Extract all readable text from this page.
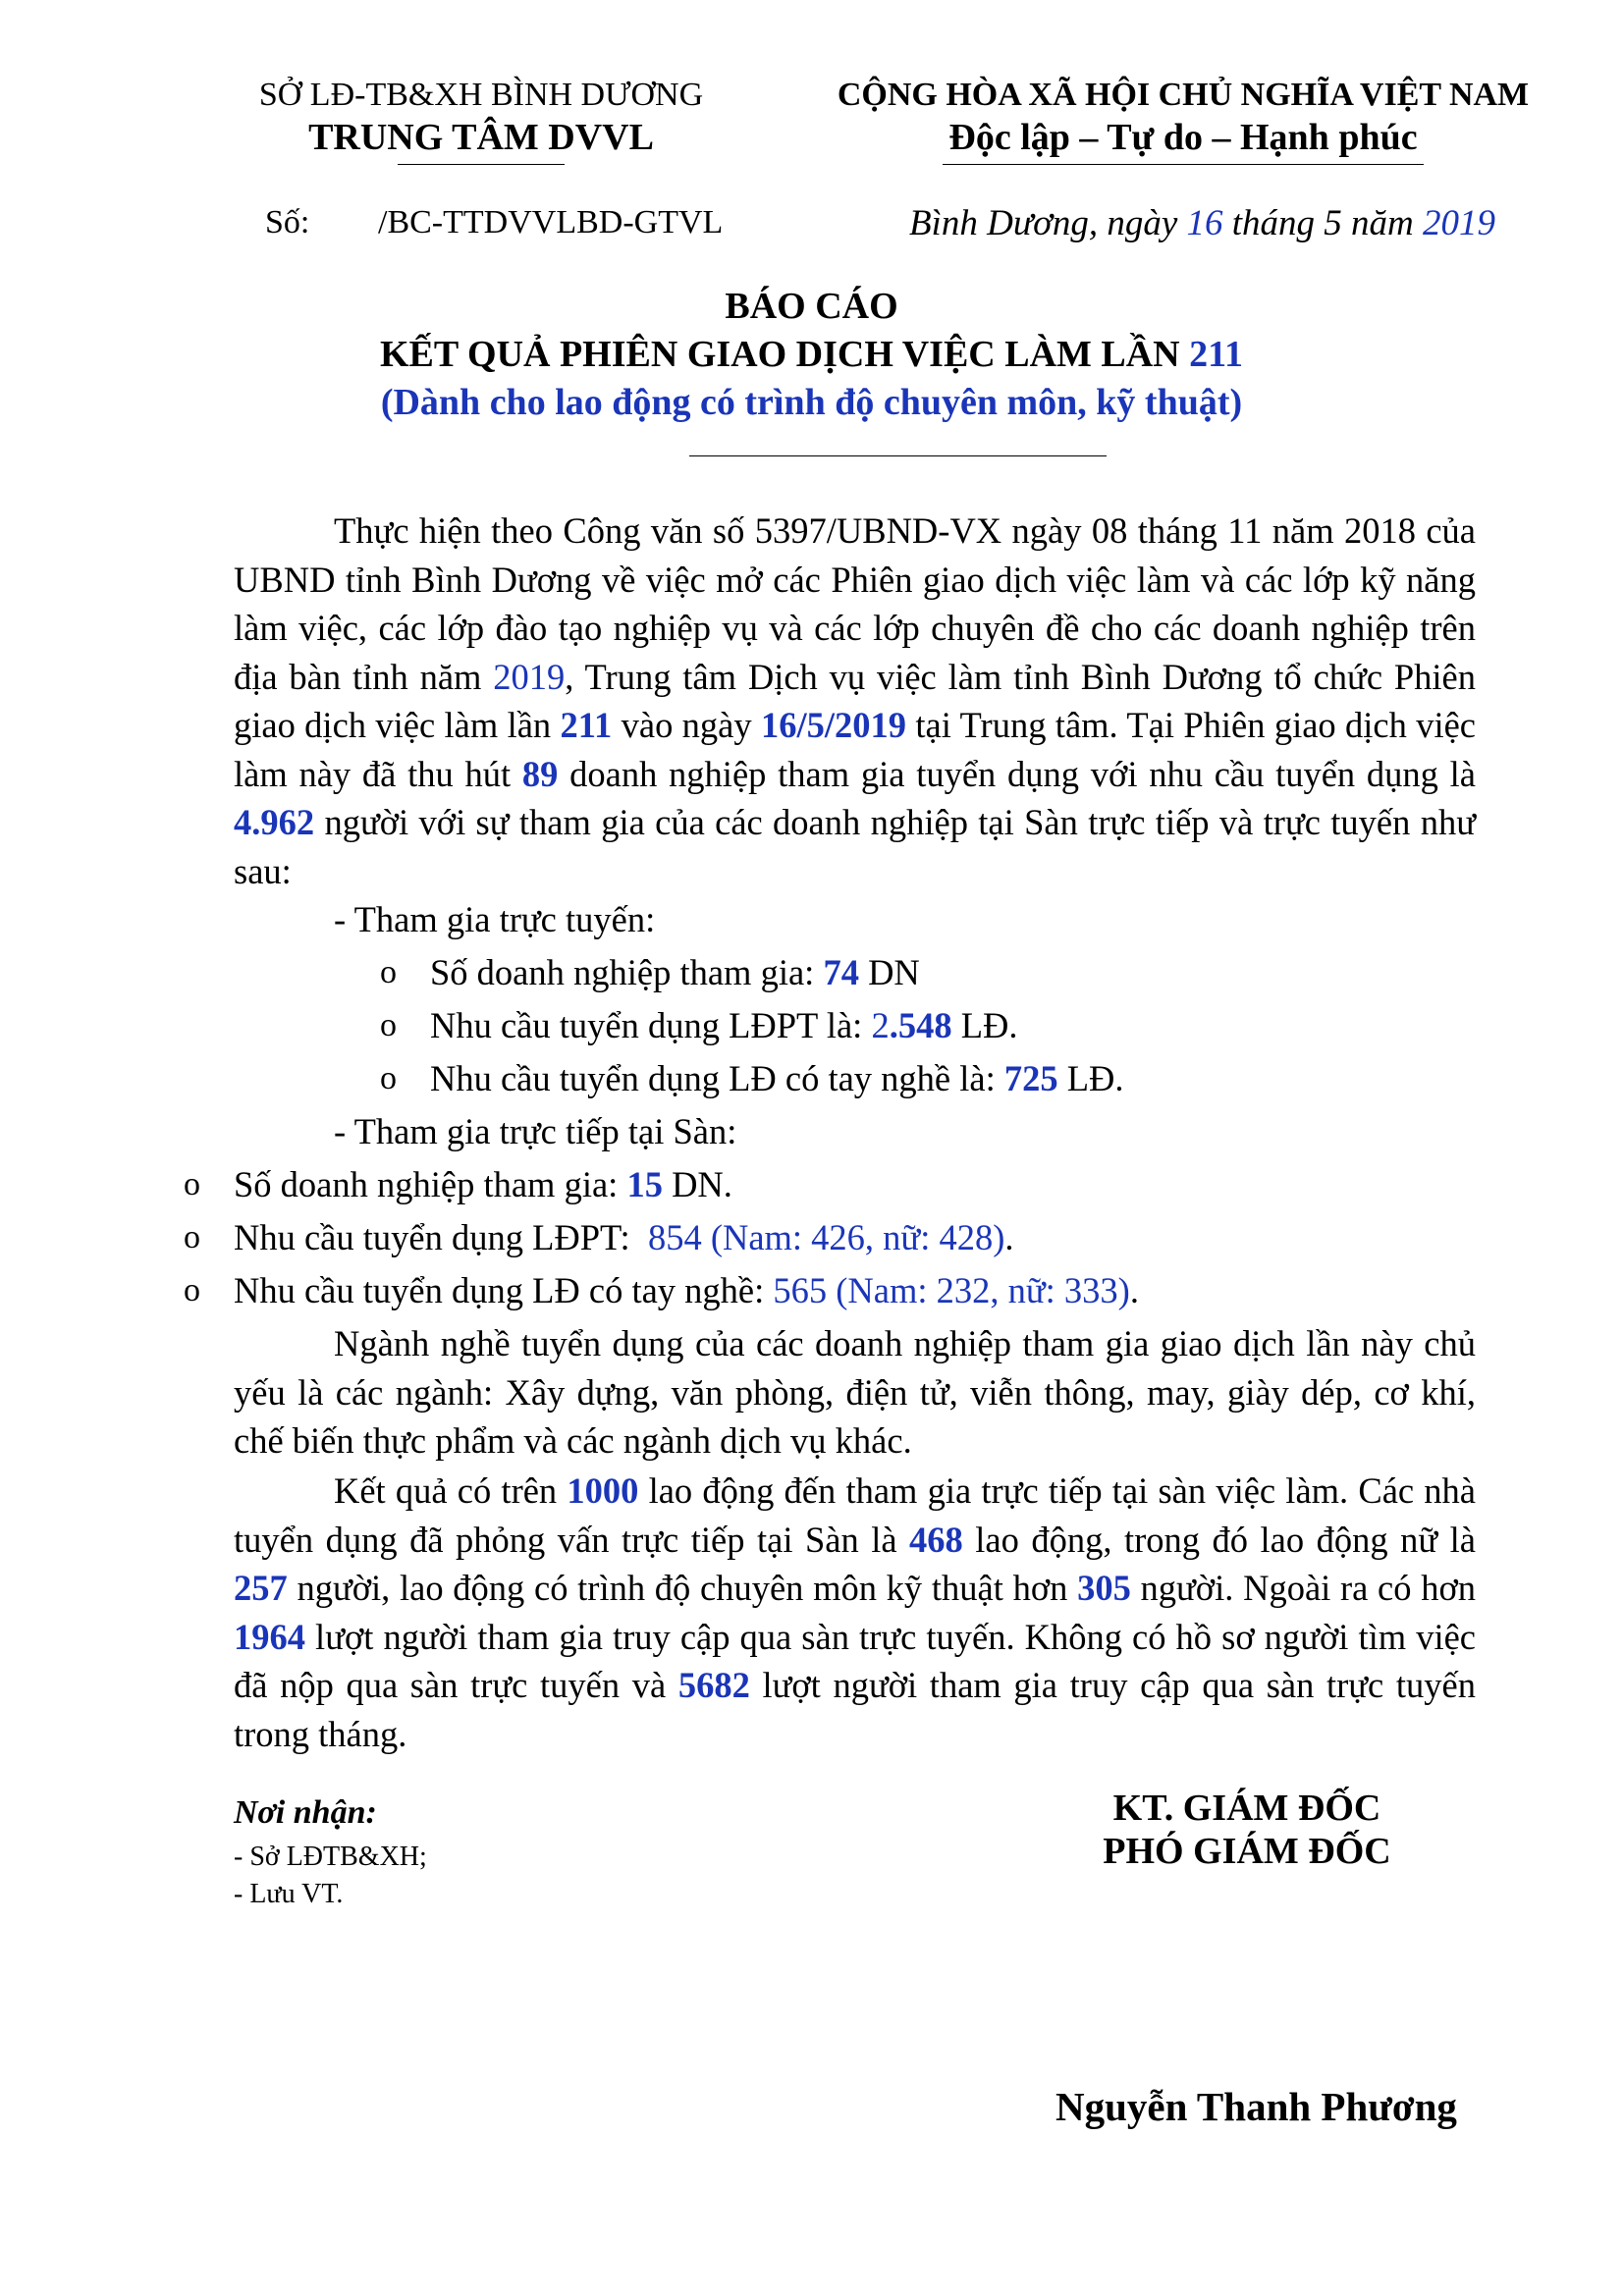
SỞ LĐ-TB&XH BÌNH DƯƠNG
TRUNG TÂM DVVL
CỘNG HÒA XÃ HỘI CHỦ NGHĨA VIỆT NAM
Độc lập – Tự do – Hạnh phúc
Số: /BC-TTDVVLBD-GTVL	Bình Dương, ngày 16 tháng 5 năm 2019
BÁO CÁO
KẾT QUẢ PHIÊN GIAO DỊCH VIỆC LÀM LẦN 211
(Dành cho lao động có trình độ chuyên môn, kỹ thuật)
Thực hiện theo Công văn số 5397/UBND-VX ngày 08 tháng 11 năm 2018 của UBND tỉnh Bình Dương về việc mở các Phiên giao dịch việc làm và các lớp kỹ năng làm việc, các lớp đào tạo nghiệp vụ và các lớp chuyên đề cho các doanh nghiệp trên địa bàn tỉnh năm 2019, Trung tâm Dịch vụ việc làm tỉnh Bình Dương tổ chức Phiên giao dịch việc làm lần 211 vào ngày 16/5/2019 tại Trung tâm. Tại Phiên giao dịch việc làm này đã thu hút 89 doanh nghiệp tham gia tuyển dụng với nhu cầu tuyển dụng là 4.962 người với sự tham gia của các doanh nghiệp tại Sàn trực tiếp và trực tuyến như sau:
- Tham gia trực tuyến:
o Số doanh nghiệp tham gia: 74 DN
o Nhu cầu tuyển dụng LĐPT là: 2.548 LĐ.
o Nhu cầu tuyển dụng LĐ có tay nghề là: 725 LĐ.
- Tham gia trực tiếp tại Sàn:
o Số doanh nghiệp tham gia: 15 DN.
o Nhu cầu tuyển dụng LĐPT:  854 (Nam: 426, nữ: 428).
o Nhu cầu tuyển dụng LĐ có tay nghề: 565 (Nam: 232, nữ: 333).
Ngành nghề tuyển dụng của các doanh nghiệp tham gia giao dịch lần này chủ yếu là các ngành: Xây dựng, văn phòng, điện tử, viễn thông, may, giày dép, cơ khí, chế biến thực phẩm và các ngành dịch vụ khác.
Kết quả có trên 1000 lao động đến tham gia trực tiếp tại sàn việc làm. Các nhà tuyển dụng đã phỏng vấn trực tiếp tại Sàn là 468 lao động, trong đó lao động nữ là 257 người, lao động có trình độ chuyên môn kỹ thuật hơn 305 người. Ngoài ra có hơn 1964 lượt người tham gia truy cập qua sàn trực tuyến. Không có hồ sơ người tìm việc đã nộp qua sàn trực tuyến và 5682 lượt người tham gia truy cập qua sàn trực tuyến trong tháng.
Nơi nhận:
- Sở LĐTB&XH;
- Lưu VT.
KT. GIÁM ĐỐC
PHÓ GIÁM ĐỐC
Nguyễn Thanh Phương
